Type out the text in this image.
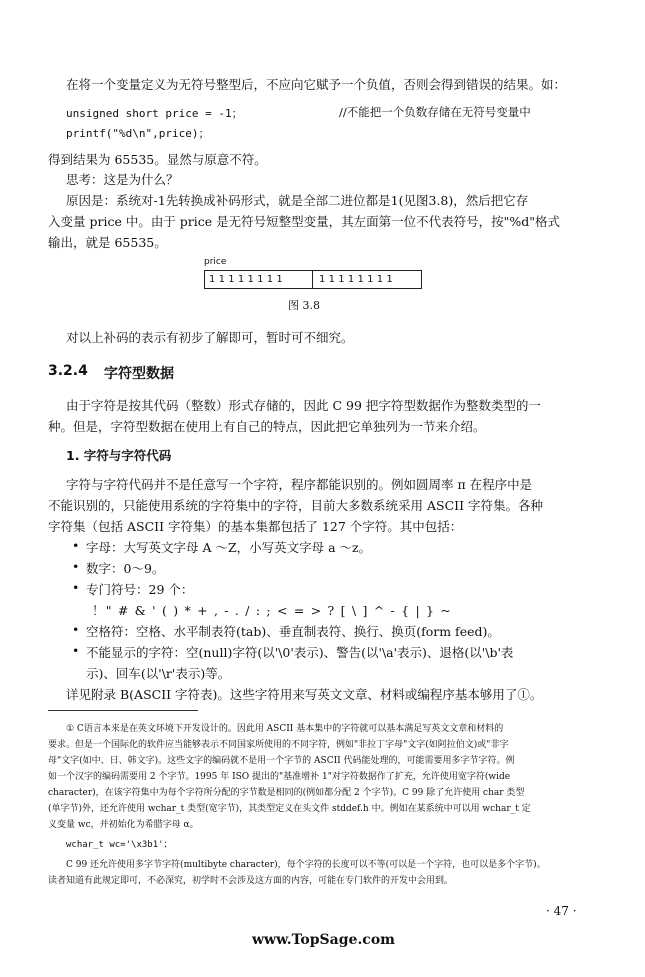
在将一个变量定义为无符号整型后，不应向它赋予一个负值，否则会得到错误的结果。如：
unsigned short price = -1；	//不能把一个负数存储在无符号变量中
printf("%d\n",price)；
得到结果为 65535。显然与原意不符。
思考：这是为什么？
原因是：系统对-1先转换成补码形式，就是全部二进位都是1(见图3.8)，然后把它存
入变量 price 中。由于 price 是无符号短整型变量，其左面第一位不代表符号，按"%d"格式
输出，就是 65535。
price
11111111	11111111
图 3.8
对以上补码的表示有初步了解即可，暂时可不细究。
3.2.4 字符型数据
由于字符是按其代码（整数）形式存储的，因此 C 99 把字符型数据作为整数类型的一
种。但是，字符型数据在使用上有自己的特点，因此把它单独列为一节来介绍。
1. 字符与字符代码
字符与字符代码并不是任意写一个字符，程序都能识别的。例如圆周率 π 在程序中是
不能识别的，只能使用系统的字符集中的字符，目前大多数系统采用 ASCII 字符集。各种
字符集（包括 ASCII 字符集）的基本集都包括了 127 个字符。其中包括：
• 字母：大写英文字母 A ～Z，小写英文字母 a ～z。
• 数字：0～9。
• 专门符号：29 个：
！" # & ' ( ) * + , - . / : ; < = > ? [ \ ] ^ - { | } ~
• 空格符：空格、水平制表符(tab)、垂直制表符、换行、换页(form feed)。
• 不能显示的字符：空(null)字符(以'\0'表示)、警告(以'\a'表示)、退格(以'\b'表
示)、回车(以'\r'表示)等。
详见附录 B(ASCII 字符表)。这些字符用来写英文文章、材料或编程序基本够用了①。
① C语言本来是在英文环境下开发设计的。因此用 ASCII 基本集中的字符就可以基本满足写英文文章和材料的
要求。但是一个国际化的软件应当能够表示不同国家所使用的不同字符，例如"非拉丁字母"文字(如阿拉伯文)或"非字
母"文字(如中、日、韩文字)。这些文字的编码就不是用一个字节的 ASCII 代码能处理的，可能需要用多字节字符。例
如一个汉字的编码需要用 2 个字节。1995 年 ISO 提出的"基准增补 1"对字符数据作了扩充，允许使用宽字符(wide
character)，在该字符集中为每个字符所分配的字节数是相同的(例如都分配 2 个字节)。C 99 除了允许使用 char 类型
(单字节)外，还允许使用 wchar_t 类型(宽字节)，其类型定义在头文件 stddef.h 中。例如在某系统中可以用 wchar_t 定
义变量 wc，并初始化为希腊字母 α。
wchar_t wc='\x3b1'；
C 99 还允许使用多字节字符(multibyte character)，每个字符的长度可以不等(可以是一个字符，也可以是多个字节)。
读者知道有此规定即可，不必深究，初学时不会涉及这方面的内容，可能在专门软件的开发中会用到。
· 47 ·
www.TopSage.com
